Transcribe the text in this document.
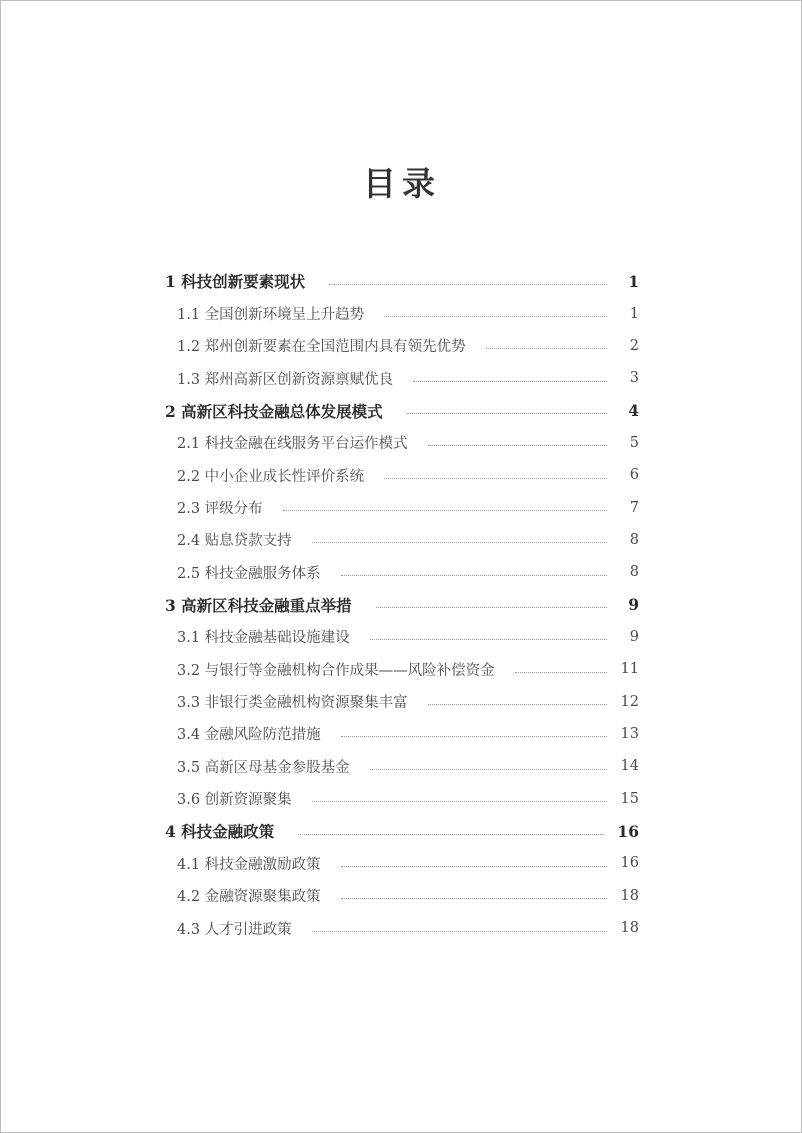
目录
1 科技创新要素现状	1
1.1 全国创新环境呈上升趋势	1
1.2 郑州创新要素在全国范围内具有领先优势	2
1.3 郑州高新区创新资源禀赋优良	3
2 高新区科技金融总体发展模式	4
2.1 科技金融在线服务平台运作模式	5
2.2 中小企业成长性评价系统	6
2.3 评级分布	7
2.4 贴息贷款支持	8
2.5 科技金融服务体系	8
3 高新区科技金融重点举措	9
3.1 科技金融基础设施建设	9
3.2 与银行等金融机构合作成果——风险补偿资金	11
3.3 非银行类金融机构资源聚集丰富	12
3.4 金融风险防范措施	13
3.5 高新区母基金参股基金	14
3.6 创新资源聚集	15
4 科技金融政策	16
4.1 科技金融激励政策	16
4.2 金融资源聚集政策	18
4.3 人才引进政策	18
